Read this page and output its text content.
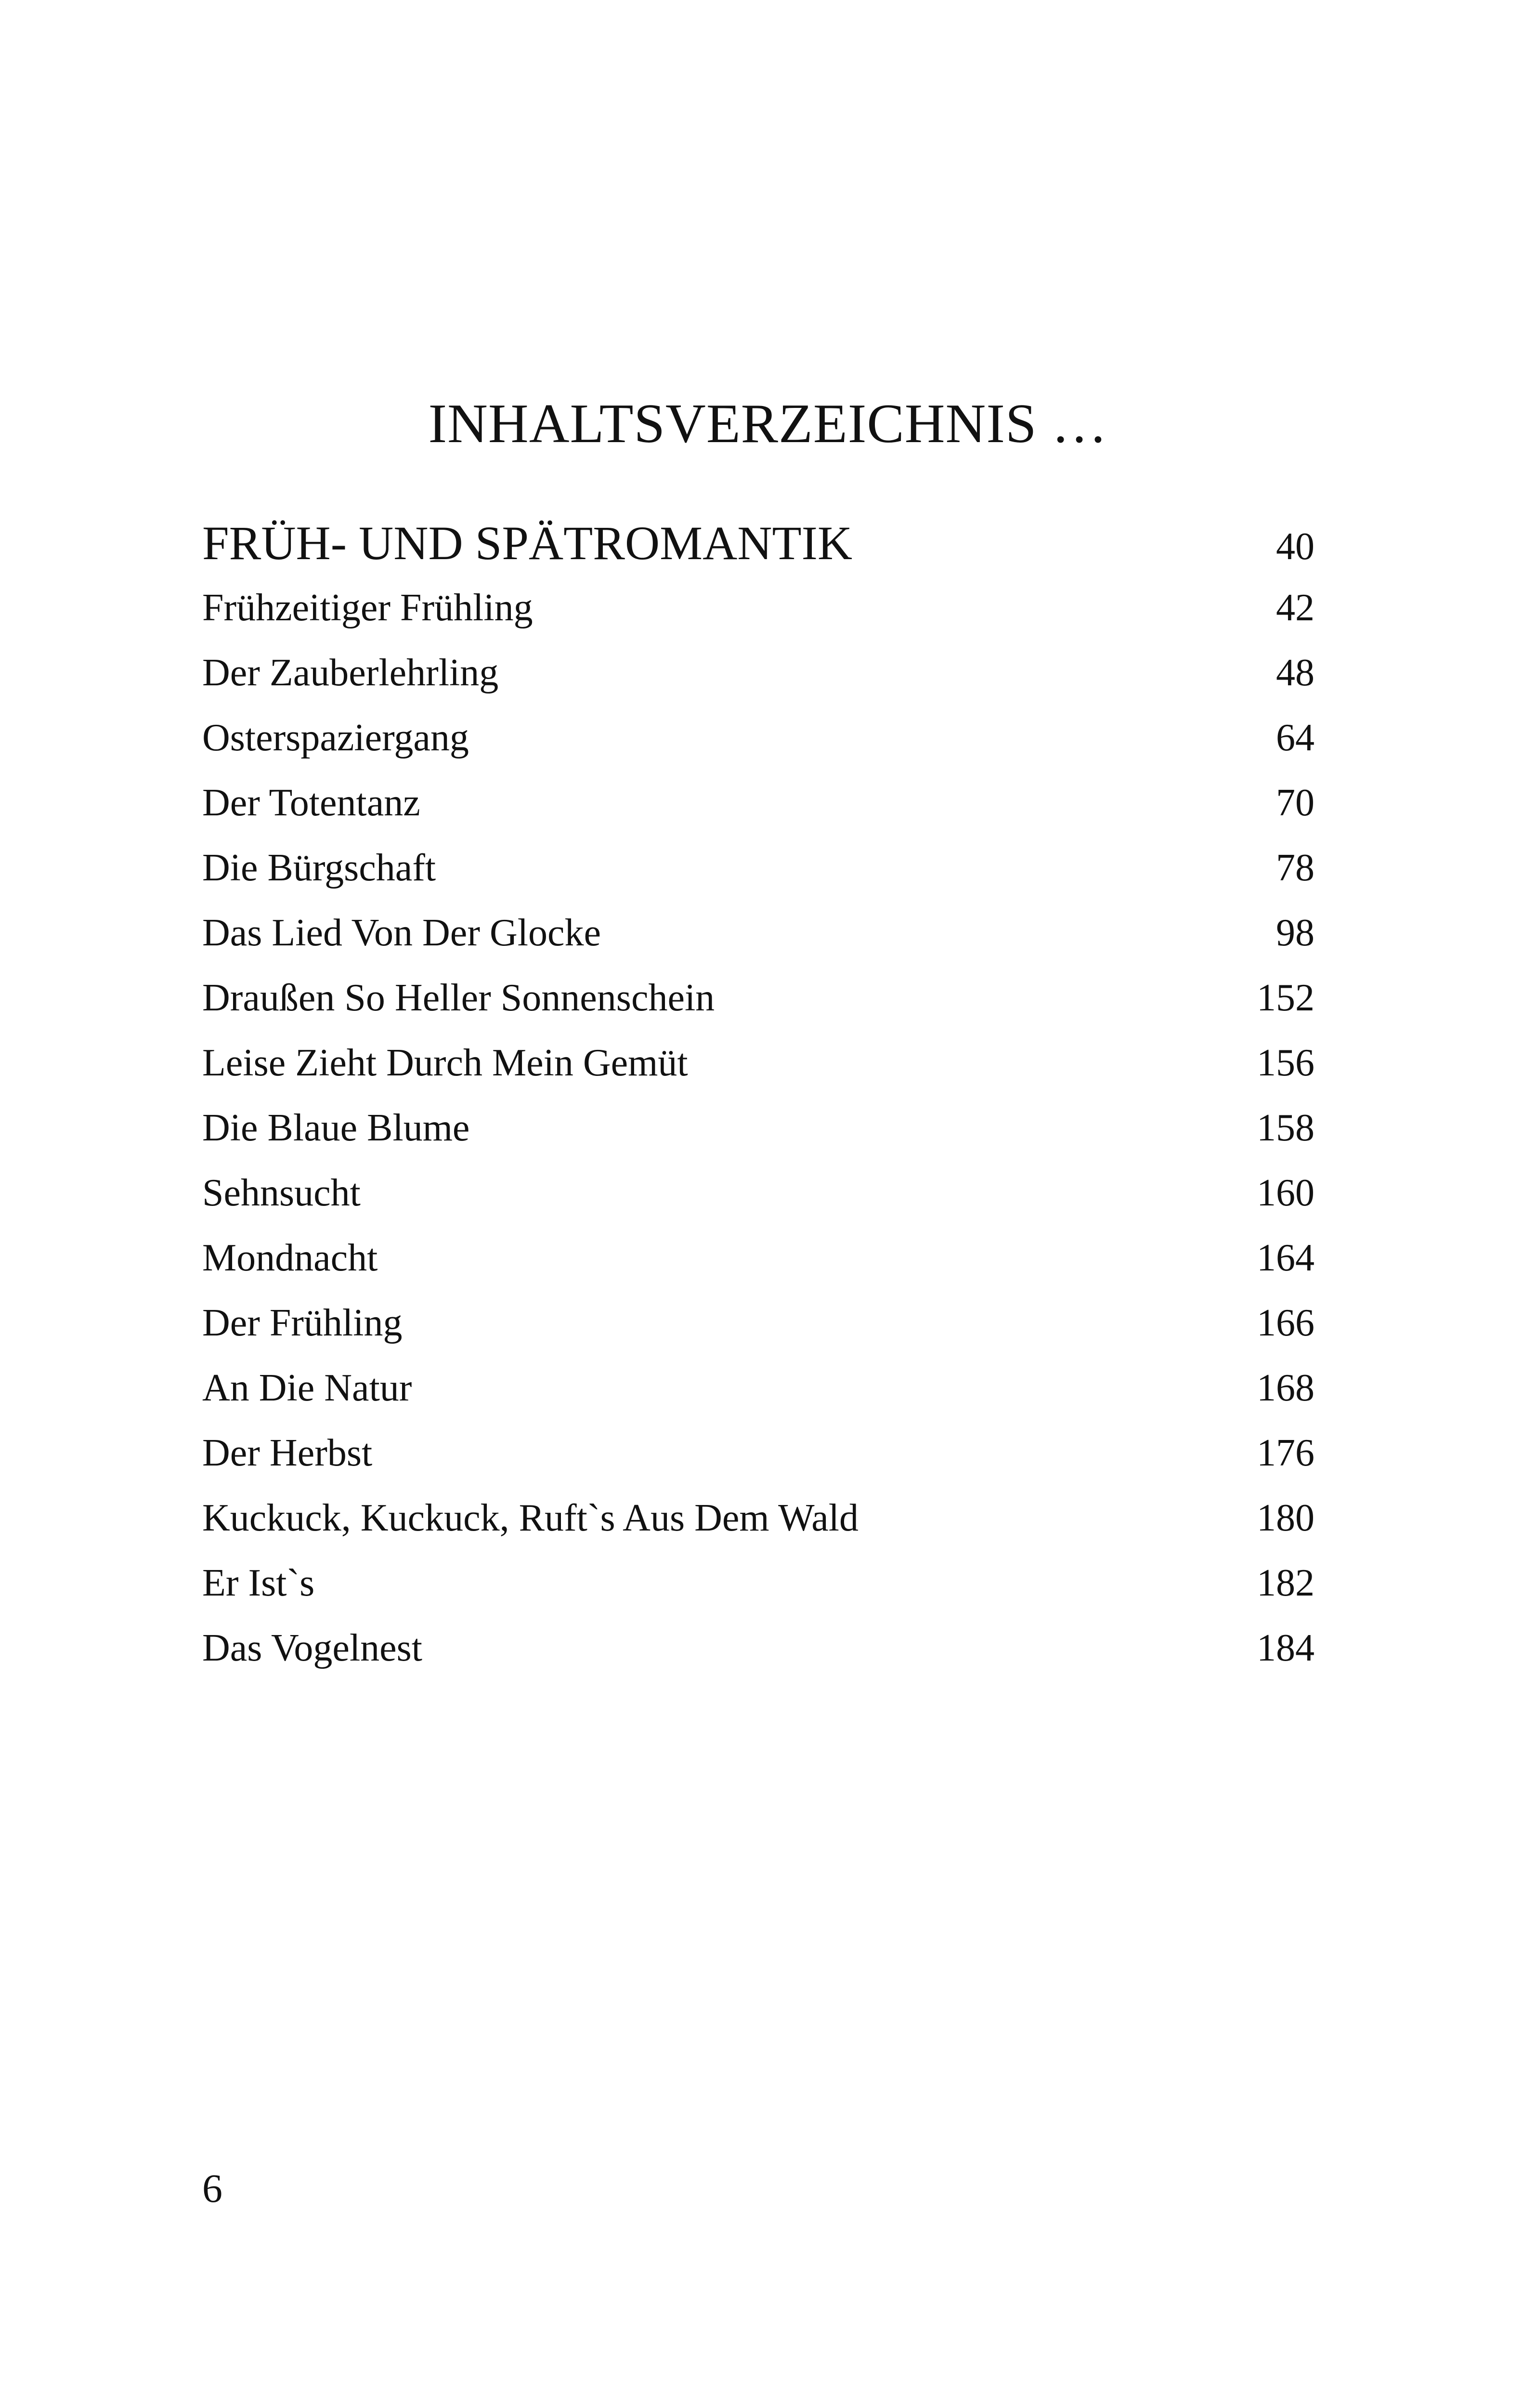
INHALTSVERZEICHNIS …
FRÜH- UND SPÄTROMANTIK	40
Frühzeitiger Frühling	42
Der Zauberlehrling	48
Osterspaziergang	64
Der Totentanz	70
Die Bürgschaft	78
Das Lied Von Der Glocke	98
Draußen So Heller Sonnenschein	152
Leise Zieht Durch Mein Gemüt	156
Die Blaue Blume	158
Sehnsucht	160
Mondnacht	164
Der Frühling	166
An Die Natur	168
Der Herbst	176
Kuckuck, Kuckuck, Ruft`s Aus Dem Wald	180
Er Ist`s	182
Das Vogelnest	184
6
